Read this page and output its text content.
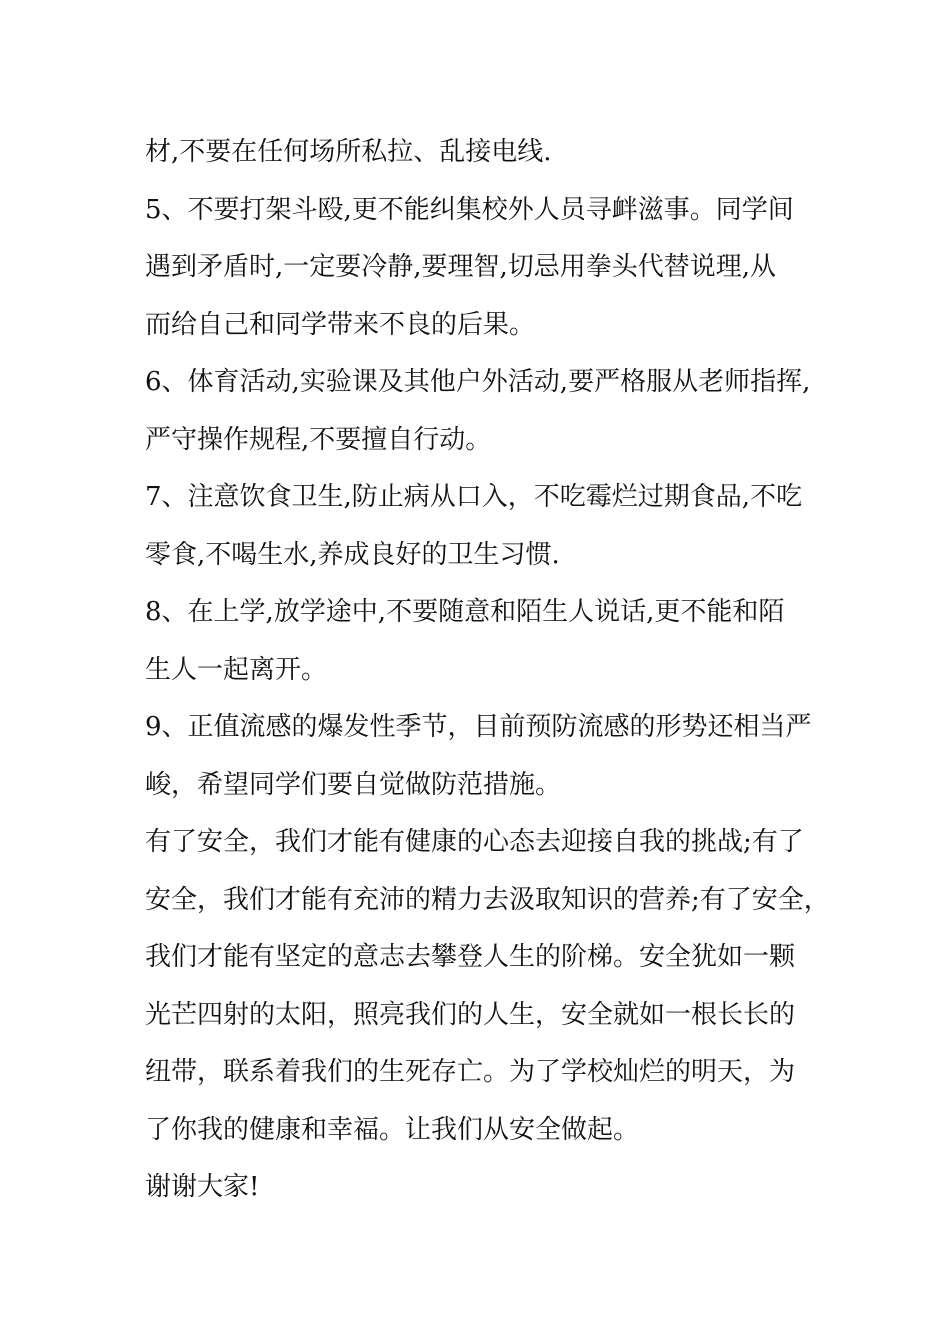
材,不要在任何场所私拉、乱接电线.
5、不要打架斗殴,更不能纠集校外人员寻衅滋事。同学间
遇到矛盾时,一定要冷静,要理智,切忌用拳头代替说理,从
而给自己和同学带来不良的后果。
6、体育活动,实验课及其他户外活动,要严格服从老师指挥,
严守操作规程,不要擅自行动。
7、注意饮食卫生,防止病从口入，不吃霉烂过期食品,不吃
零食,不喝生水,养成良好的卫生习惯.
8、在上学,放学途中,不要随意和陌生人说话,更不能和陌
生人一起离开。
9、正值流感的爆发性季节，目前预防流感的形势还相当严
峻，希望同学们要自觉做防范措施。
有了安全，我们才能有健康的心态去迎接自我的挑战;有了
安全，我们才能有充沛的精力去汲取知识的营养;有了安全，
我们才能有坚定的意志去攀登人生的阶梯。安全犹如一颗
光芒四射的太阳，照亮我们的人生，安全就如一根长长的
纽带，联系着我们的生死存亡。为了学校灿烂的明天，为
了你我的健康和幸福。让我们从安全做起。
谢谢大家!
